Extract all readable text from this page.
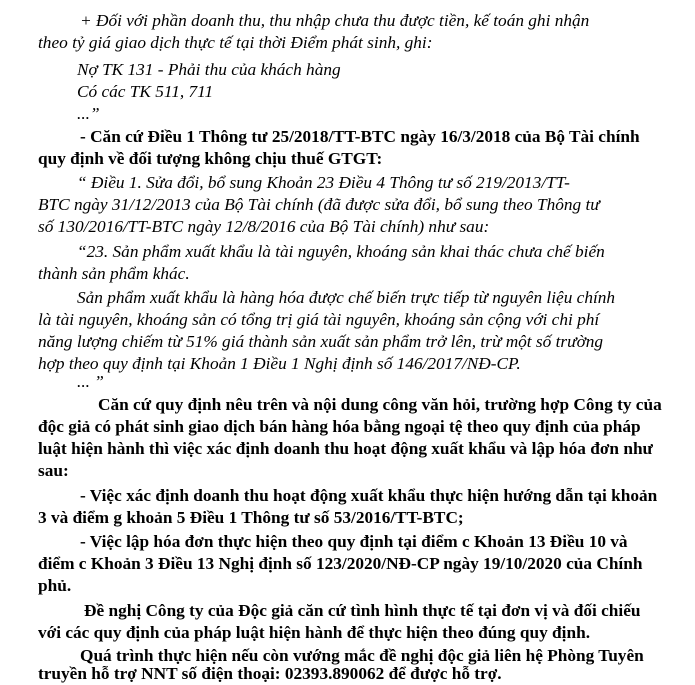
+ Đối với phần doanh thu, thu nhập chưa thu được tiền, kế toán ghi nhận
theo tỷ giá giao dịch thực tế tại thời Điểm phát sinh, ghi:
Nợ TK 131 - Phải thu của khách hàng
Có các TK 511, 711
...”
- Căn cứ Điều 1 Thông tư 25/2018/TT-BTC ngày 16/3/2018 của Bộ Tài chính
quy định về đối tượng không chịu thuế GTGT:
“ Điều 1. Sửa đổi, bổ sung Khoản 23 Điều 4 Thông tư số 219/2013/TT-
BTC ngày 31/12/2013 của Bộ Tài chính (đã được sửa đổi, bổ sung theo Thông tư
số 130/2016/TT-BTC ngày 12/8/2016 của Bộ Tài chính) như sau:
“23. Sản phẩm xuất khẩu là tài nguyên, khoáng sản khai thác chưa chế biến
thành sản phẩm khác.
Sản phẩm xuất khẩu là hàng hóa được chế biến trực tiếp từ nguyên liệu chính
là tài nguyên, khoáng sản có tổng trị giá tài nguyên, khoáng sản cộng với chi phí
năng lượng chiếm từ 51% giá thành sản xuất sản phẩm trở lên, trừ một số trường
hợp theo quy định tại Khoản 1 Điều 1 Nghị định số 146/2017/NĐ-CP.
... ”
Căn cứ quy định nêu trên và nội dung công văn hỏi, trường hợp Công ty của
độc giả có phát sinh giao dịch bán hàng hóa bằng ngoại tệ theo quy định của pháp
luật hiện hành thì việc xác định doanh thu hoạt động xuất khẩu và lập hóa đơn như
sau:
- Việc xác định doanh thu hoạt động xuất khẩu thực hiện hướng dẫn tại khoản
3 và điểm g khoản 5 Điều 1 Thông tư số 53/2016/TT-BTC;
- Việc lập hóa đơn thực hiện theo quy định tại điểm c Khoản 13 Điều 10 và
điểm c Khoản 3 Điều 13 Nghị định số 123/2020/NĐ-CP ngày 19/10/2020 của Chính
phủ.
Đề nghị Công ty của Độc giả căn cứ tình hình thực tế tại đơn vị và đối chiếu
với các quy định của pháp luật hiện hành để thực hiện theo đúng quy định.
Quá trình thực hiện nếu còn vướng mắc đề nghị độc giả liên hệ Phòng Tuyên
truyền hỗ trợ NNT số điện thoại: 02393.890062 để được hỗ trợ.
